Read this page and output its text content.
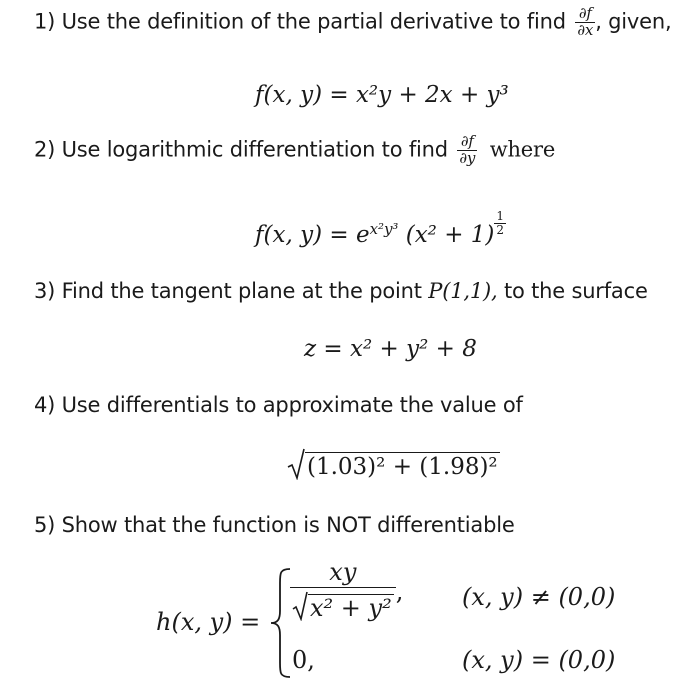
1) Use the definition of the partial derivative to find $\frac{\partial f}{\partial x}$ , given,
f(x, y) = x²y + 2x + y³
2) Use logarithmic differentiation to find $\frac{\partial f}{\partial y}$ where
f(x, $y) = e^{x^2y^3}$ $(x^2 + 1) \frac{1}{2}$
3) Find the tangent plane at the point P(1,1), to the surface
z = x² + y² + 8
4) Use differentials to approximate the value of
(1.03)² + (1.98)²
5) Show that the function is NOT differentiable
h(x, $y) = \frac{xy}{\text{x² + y²}}$ ,
0,
(x, y) ≠ (0,0)
(x, y) = (0,0)
